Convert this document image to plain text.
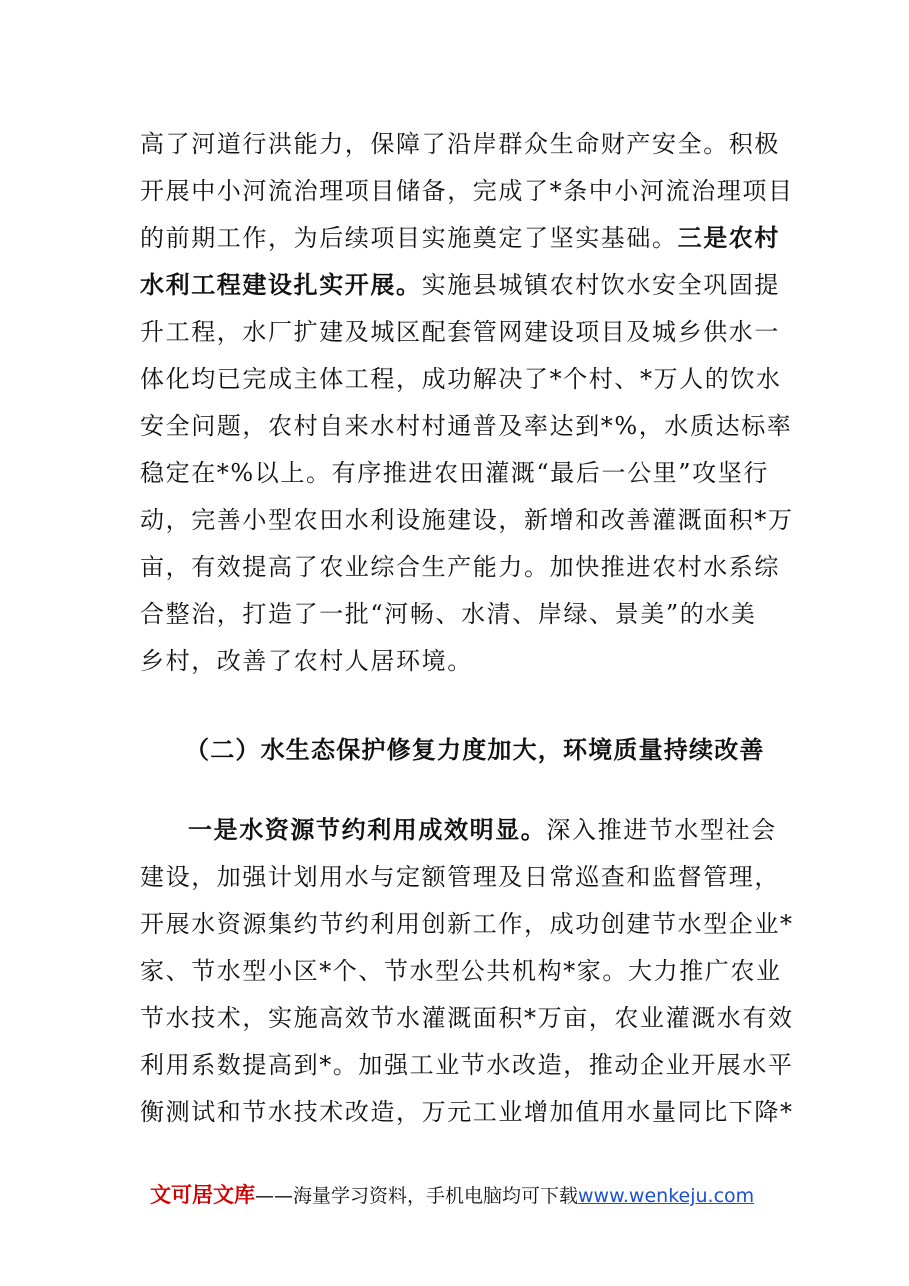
高了河道行洪能力，保障了沿岸群众生命财产安全。积极
开展中小河流治理项目储备，完成了*条中小河流治理项目
的前期工作，为后续项目实施奠定了坚实基础。三是农村
水利工程建设扎实开展。实施县城镇农村饮水安全巩固提
升工程，水厂扩建及城区配套管网建设项目及城乡供水一
体化均已完成主体工程，成功解决了*个村、*万人的饮水
安全问题，农村自来水村村通普及率达到*%，水质达标率
稳定在*%以上。有序推进农田灌溉“最后一公里”攻坚行
动，完善小型农田水利设施建设，新增和改善灌溉面积*万
亩，有效提高了农业综合生产能力。加快推进农村水系综
合整治，打造了一批“河畅、水清、岸绿、景美”的水美
乡村，改善了农村人居环境。
（二）水生态保护修复力度加大，环境质量持续改善
一是水资源节约利用成效明显。深入推进节水型社会
建设，加强计划用水与定额管理及日常巡查和监督管理，
开展水资源集约节约利用创新工作，成功创建节水型企业*
家、节水型小区*个、节水型公共机构*家。大力推广农业
节水技术，实施高效节水灌溉面积*万亩，农业灌溉水有效
利用系数提高到*。加强工业节水改造，推动企业开展水平
衡测试和节水技术改造，万元工业增加值用水量同比下降*
文可居文库——海量学习资料，手机电脑均可下载www.wenkeju.com
